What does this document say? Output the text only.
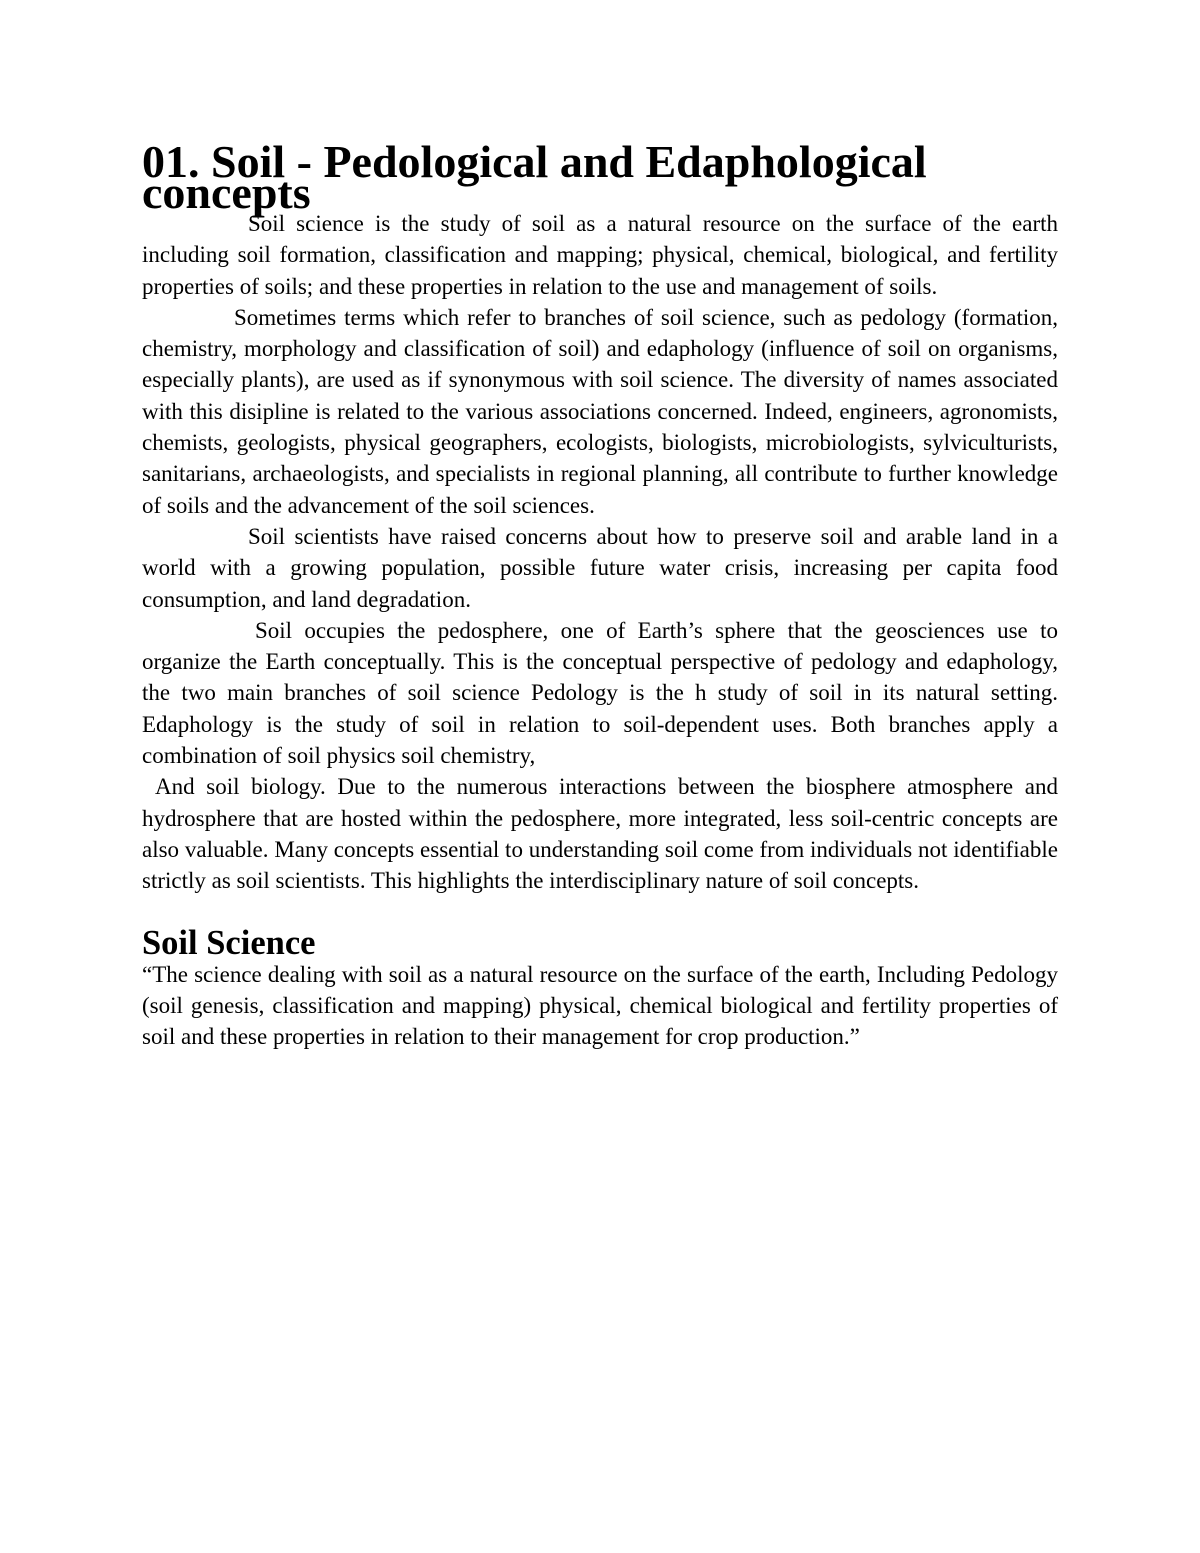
01. Soil - Pedological and Edaphological concepts

Soil science is the study of soil as a natural resource on the surface of the earth including soil formation, classification and mapping; physical, chemical, biological, and fertility properties of soils; and these properties in relation to the use and management of soils.

Sometimes terms which refer to branches of soil science, such as pedology (formation, chemistry, morphology and classification of soil) and edaphology (influence of soil on organisms, especially plants), are used as if synonymous with soil science. The diversity of names associated with this disipline is related to the various associations concerned. Indeed, engineers, agronomists, chemists, geologists, physical geographers, ecologists, biologists, microbiologists, sylviculturists, sanitarians, archaeologists, and specialists in regional planning, all contribute to further knowledge of soils and the advancement of the soil sciences.

Soil scientists have raised concerns about how to preserve soil and arable land in a world with a growing population, possible future water crisis, increasing per capita food consumption, and land degradation.

Soil occupies the pedosphere, one of Earth’s sphere that the geosciences use to organize the Earth conceptually. This is the conceptual perspective of pedology and edaphology, the two main branches of soil science Pedology is the h study of soil in its natural setting. Edaphology is the study of soil in relation to soil-dependent uses. Both branches apply a combination of soil physics soil chemistry,

And soil biology. Due to the numerous interactions between the biosphere atmosphere and hydrosphere that are hosted within the pedosphere, more integrated, less soil-centric concepts are also valuable. Many concepts essential to understanding soil come from individuals not identifiable strictly as soil scientists. This highlights the interdisciplinary nature of soil concepts.

Soil Science

“The science dealing with soil as a natural resource on the surface of the earth, Including Pedology (soil genesis, classification and mapping) physical, chemical biological and fertility properties of soil and these properties in relation to their management for crop production.”
